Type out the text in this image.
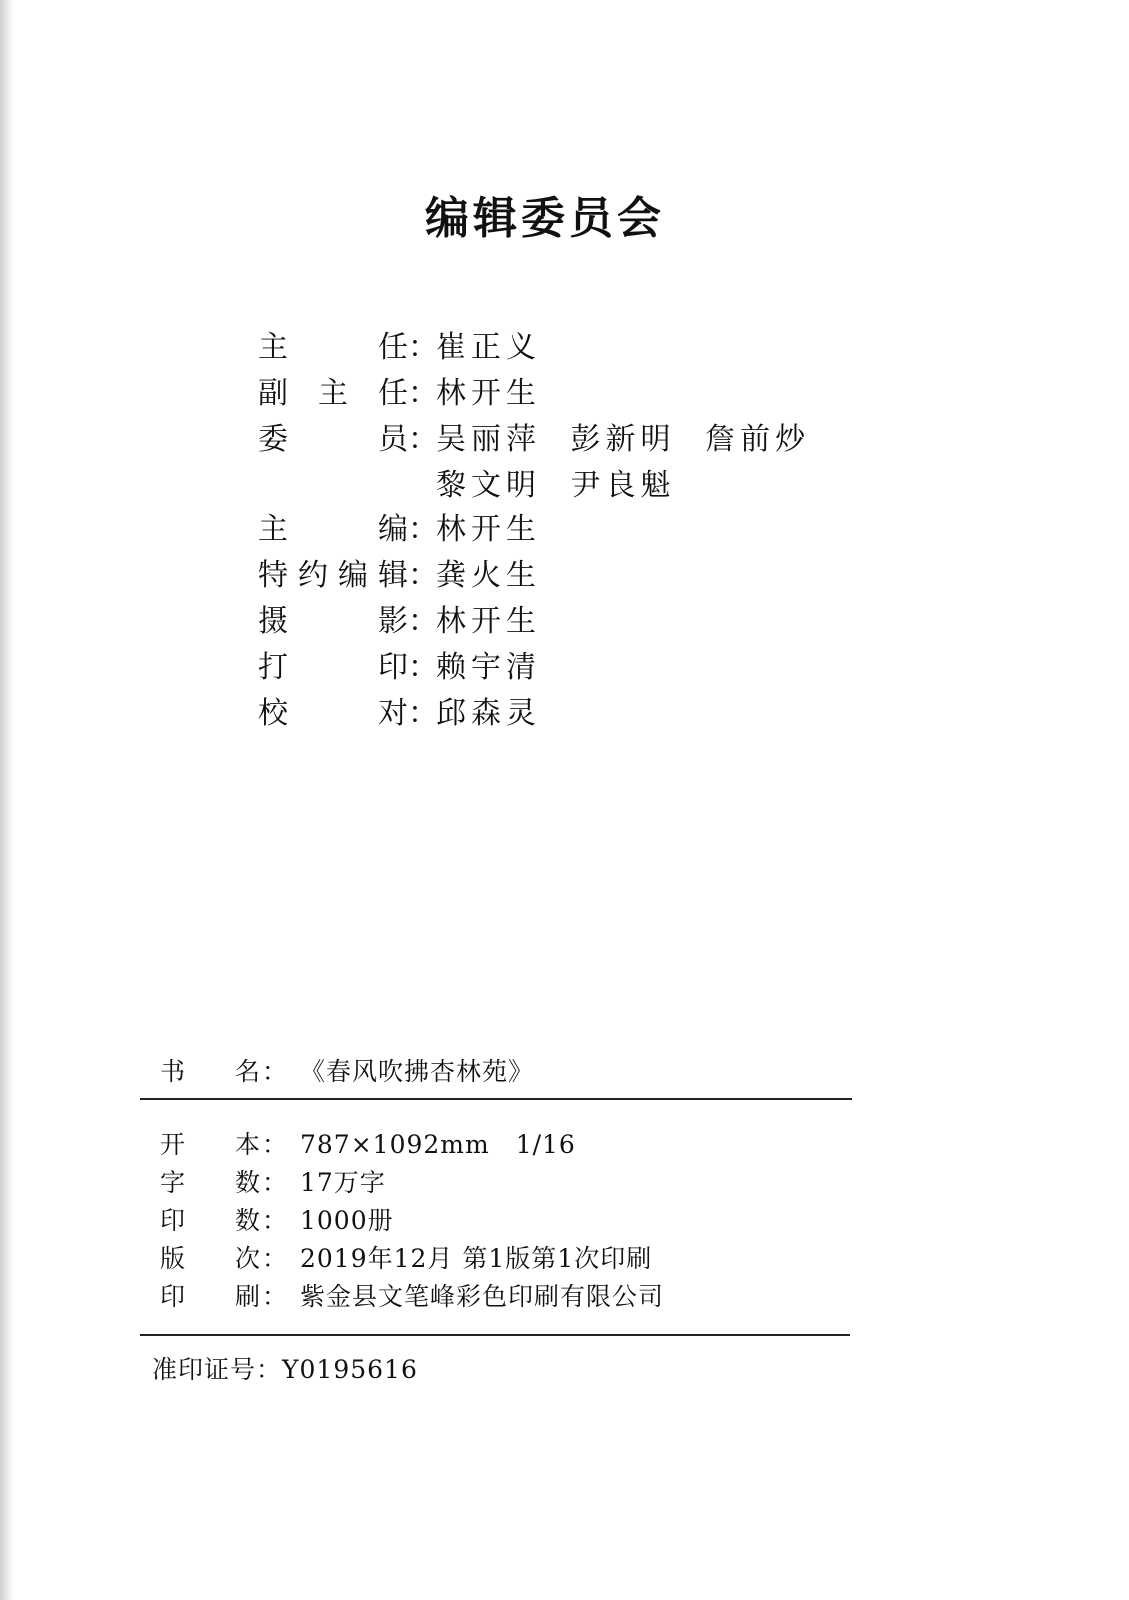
编辑委员会
主任 ：
崔正义
副主任 ：
林开生
委员 ：
吴丽萍 彭新明 詹前炒
黎文明 尹良魁
主编 ：
林开生
特约编辑 ：
龚火生
摄影 ：
林开生
打印 ：
赖宇清
校对 ：
邱森灵
书名 ： 《春风吹拂杏林苑》
开本 ： 787×1092mm　1/16
字数 ： 17万字
印数 ： 1000册
版次 ： 2019年12月 第1版第1次印刷
印刷 ： 紫金县文笔峰彩色印刷有限公司
准印证号：Y0195616
